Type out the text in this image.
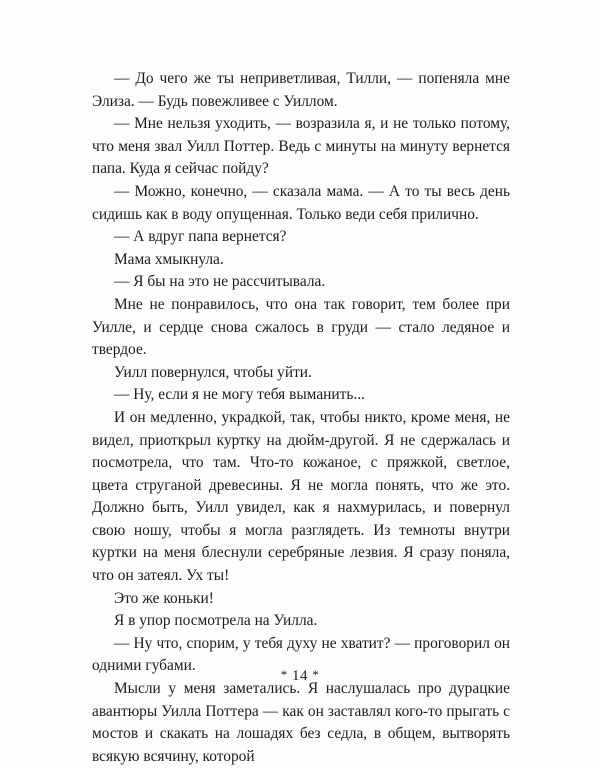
— До чего же ты неприветливая, Тилли, — попеняла мне Элиза. — Будь повежливее с Уиллом.

— Мне нельзя уходить, — возразила я, и не только потому, что меня звал Уилл Поттер. Ведь с минуты на минуту вернется папа. Куда я сейчас пойду?

— Можно, конечно, — сказала мама. — А то ты весь день сидишь как в воду опущенная. Только веди себя прилично.

— А вдруг папа вернется?

Мама хмыкнула.

— Я бы на это не рассчитывала.

Мне не понравилось, что она так говорит, тем более при Уилле, и сердце снова сжалось в груди — стало ледяное и твердое.

Уилл повернулся, чтобы уйти.

— Ну, если я не могу тебя выманить...

И он медленно, украдкой, так, чтобы никто, кроме меня, не видел, приоткрыл куртку на дюйм-другой. Я не сдержалась и посмотрела, что там. Что-то кожаное, с пряжкой, светлое, цвета струганой древесины. Я не могла понять, что же это. Должно быть, Уилл увидел, как я нахмурилась, и повернул свою ношу, чтобы я могла разглядеть. Из темноты внутри куртки на меня блеснули серебряные лезвия. Я сразу поняла, что он затеял. Ух ты!

Это же коньки!

Я в упор посмотрела на Уилла.

— Ну что, спорим, у тебя духу не хватит? — проговорил он одними губами.

Мысли у меня заметались. Я наслушалась про дурацкие авантюры Уилла Поттера — как он заставлял кого-то прыгать с мостов и скакать на лошадях без седла, в общем, вытворять всякую всячину, которой

* 14 *
